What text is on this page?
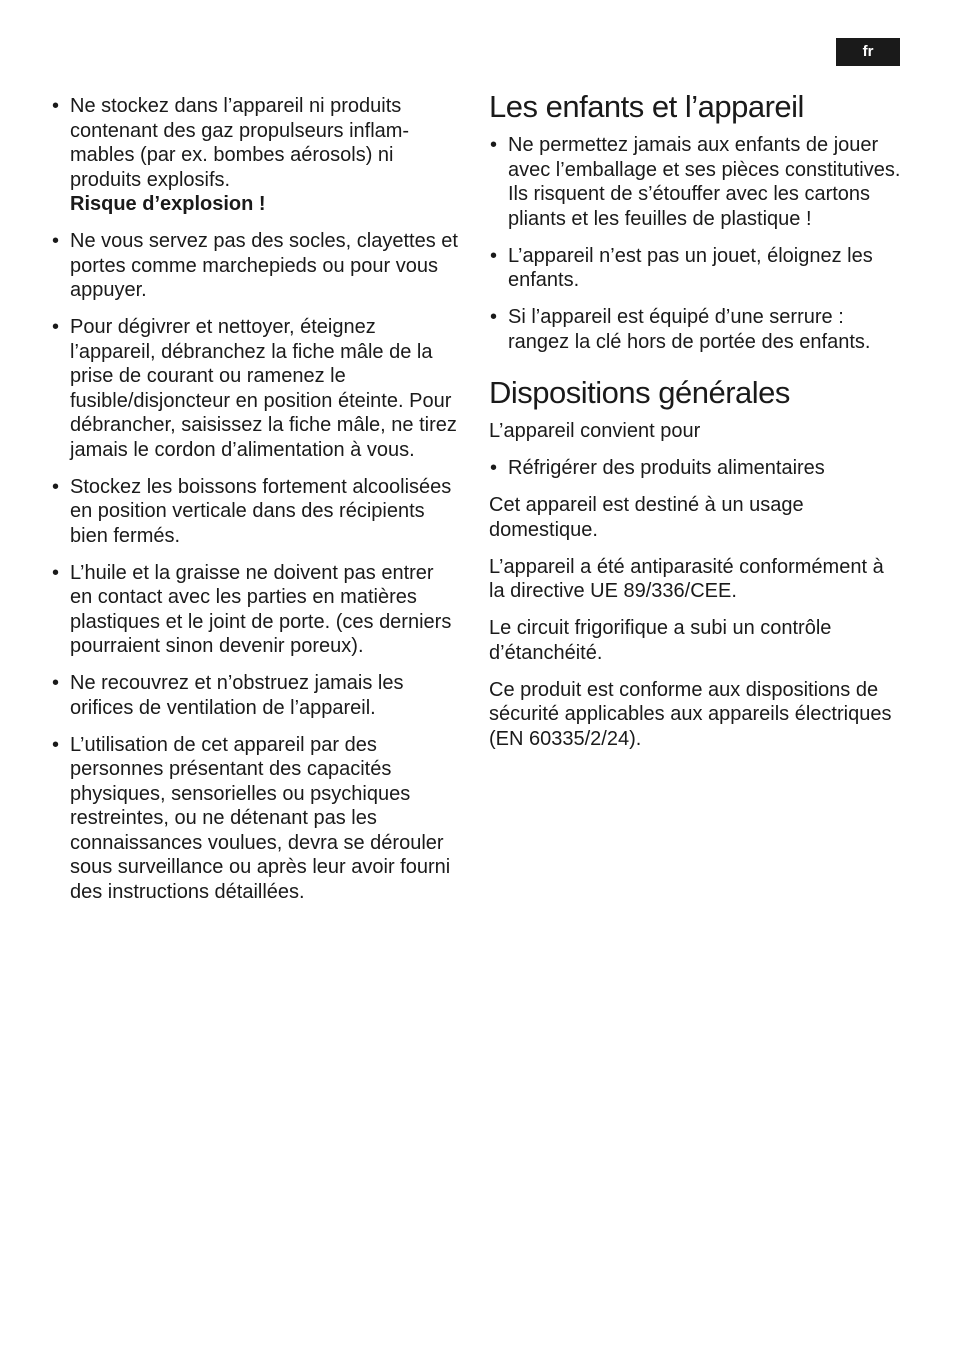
fr
• Ne stockez dans l’appareil ni produits contenant des gaz propulseurs inflammables (par ex. bombes aérosols) ni produits explosifs.
Risque d’explosion !
• Ne vous servez pas des socles, clayettes et portes comme marchepieds ou pour vous appuyer.
• Pour dégivrer et nettoyer, éteignez l’appareil, débranchez la fiche mâle de la prise de courant ou ramenez le fusible/disjoncteur en position éteinte. Pour débrancher, saisissez la fiche mâle, ne tirez jamais le cordon d’alimentation à vous.
• Stockez les boissons fortement alcoolisées en position verticale dans des récipients bien fermés.
• L’huile et la graisse ne doivent pas entrer en contact avec les parties en matières plastiques et le joint de porte. (ces derniers pourraient sinon devenir poreux).
• Ne recouvrez et n’obstruez jamais les orifices de ventilation de l’appareil.
• L’utilisation de cet appareil par des personnes présentant des capacités physiques, sensorielles ou psychiques restreintes, ou ne détenant pas les connaissances voulues, devra se dérouler sous surveillance ou après leur avoir fourni des instructions détaillées.
Les enfants et l’appareil
• Ne permettez jamais aux enfants de jouer avec l’emballage et ses pièces constitutives. Ils risquent de s’étouffer avec les cartons pliants et les feuilles de plastique !
• L’appareil n’est pas un jouet, éloignez les enfants.
• Si l’appareil est équipé d’une serrure : rangez la clé hors de portée des enfants.
Dispositions générales

L’appareil convient pour

• Réfrigérer des produits alimentaires

Cet appareil est destiné à un usage domestique.

L’appareil a été antiparasité conformément à la directive UE 89/336/CEE.

Le circuit frigorifique a subi un contrôle d’étanchéité.

Ce produit est conforme aux dispositions de sécurité applicables aux appareils électriques (EN 60335/2/24).
